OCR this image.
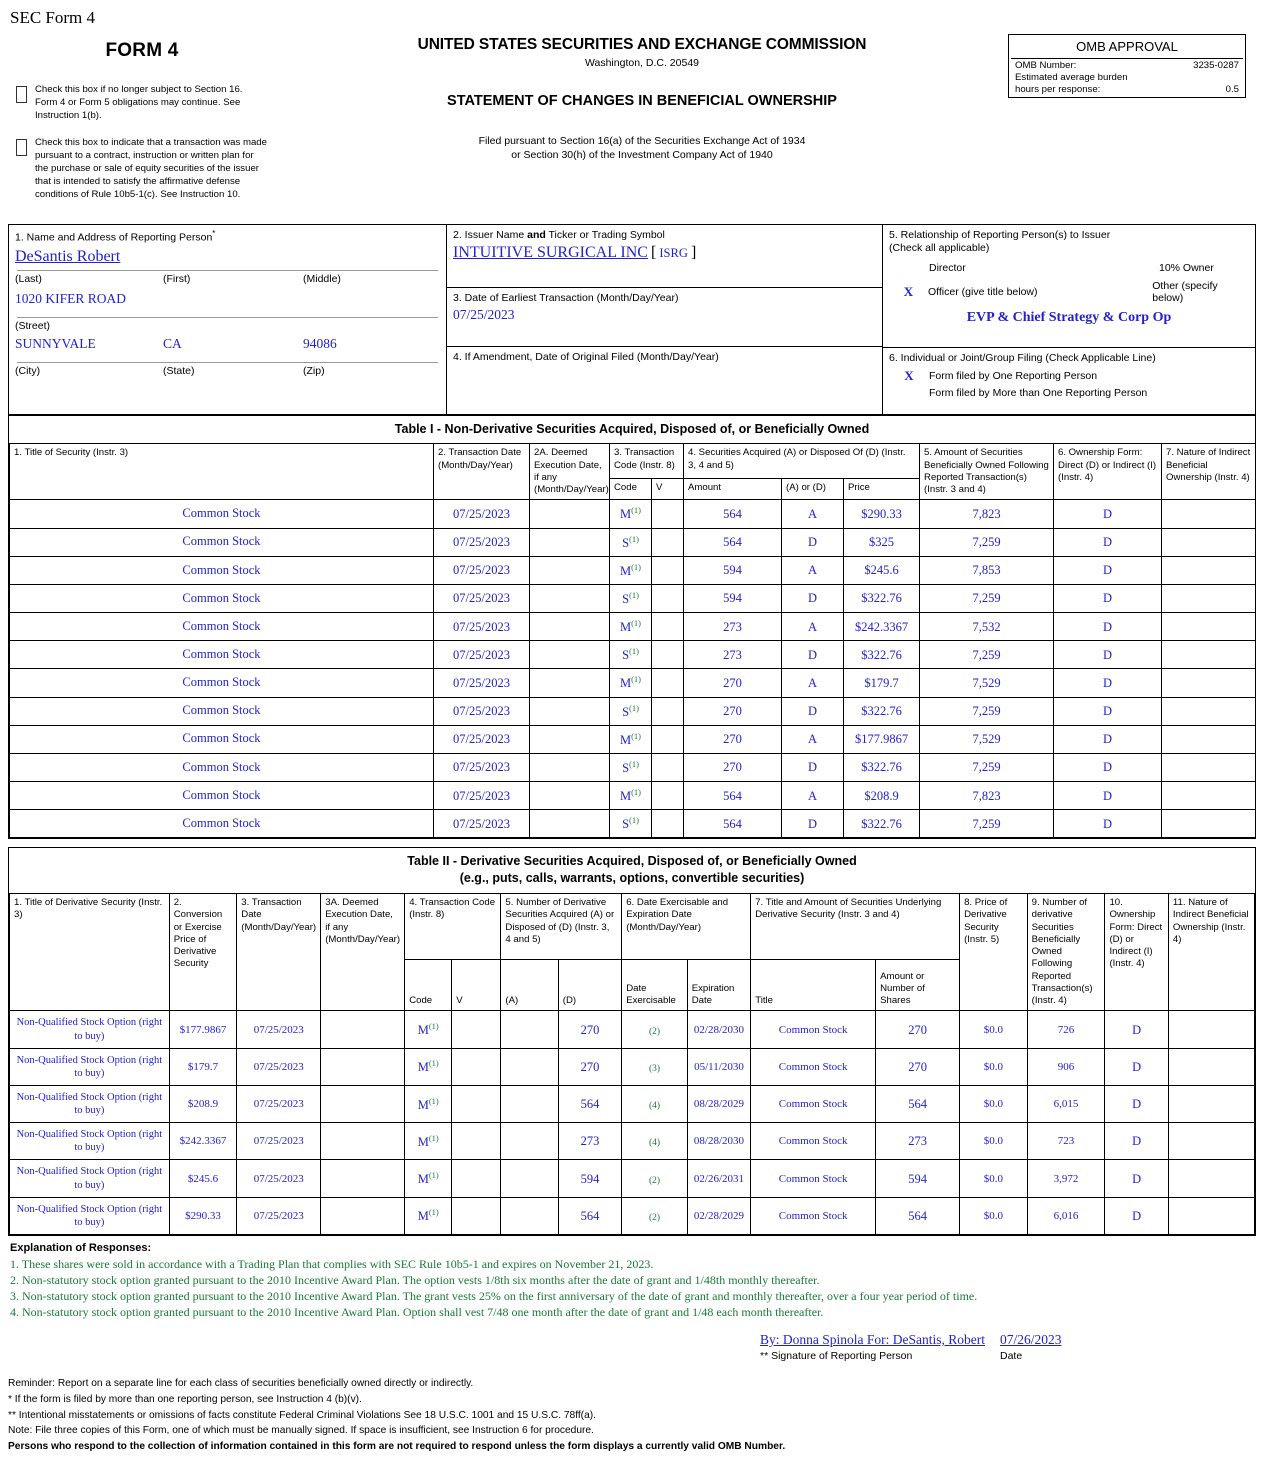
SEC Form 4
FORM 4
Check this box if no longer subject to Section 16. Form 4 or Form 5 obligations may continue. See Instruction 1(b).
Check this box to indicate that a transaction was made pursuant to a contract, instruction or written plan for the purchase or sale of equity securities of the issuer that is intended to satisfy the affirmative defense conditions of Rule 10b5-1(c). See Instruction 10.
UNITED STATES SECURITIES AND EXCHANGE COMMISSION
Washington, D.C. 20549
STATEMENT OF CHANGES IN BENEFICIAL OWNERSHIP
Filed pursuant to Section 16(a) of the Securities Exchange Act of 1934
or Section 30(h) of the Investment Company Act of 1940
OMB APPROVAL
OMB Number:	3235-0287
Estimated average burden
hours per response:	0.5
1. Name and Address of Reporting Person*
DeSantis Robert
(Last)	(First)	(Middle)
1020 KIFER ROAD
(Street)
SUNNYVALE	CA	94086
(City)	(State)	(Zip)
2. Issuer Name and Ticker or Trading Symbol
INTUITIVE SURGICAL INC [ ISRG ]
3. Date of Earliest Transaction (Month/Day/Year)
07/25/2023
4. If Amendment, Date of Original Filed (Month/Day/Year)
5. Relationship of Reporting Person(s) to Issuer
(Check all applicable)
Director	10% Owner
X	Officer (give title below)	Other (specify below)
EVP & Chief Strategy & Corp Op
6. Individual or Joint/Group Filing (Check Applicable Line)
X	Form filed by One Reporting Person
Form filed by More than One Reporting Person
Table I - Non-Derivative Securities Acquired, Disposed of, or Beneficially Owned
1. Title of Security (Instr. 3)	2. Transaction Date (Month/Day/Year)	2A. Deemed Execution Date, if any (Month/Day/Year)	3. Transaction Code (Instr. 8)		4. Securities Acquired (A) or Disposed Of (D) (Instr. 3, 4 and 5)			5. Amount of Securities Beneficially Owned Following Reported Transaction(s) (Instr. 3 and 4)	6. Ownership Form: Direct (D) or Indirect (I) (Instr. 4)	7. Nature of Indirect Beneficial Ownership (Instr. 4)
			Code	V	Amount	(A) or (D)	Price			
Common Stock	07/25/2023		M$^{(1)}$		564	A	$290.33	7,823	D	
Common Stock	07/25/2023		S$^{(1)}$		564	D	$325	7,259	D	
Common Stock	07/25/2023		M$^{(1)}$		594	A	$245.6	7,853	D	
Common Stock	07/25/2023		S$^{(1)}$		594	D	$322.76	7,259	D	
Common Stock	07/25/2023		M$^{(1)}$		273	A	$242.3367	7,532	D	
Common Stock	07/25/2023		S$^{(1)}$		273	D	$322.76	7,259	D	
Common Stock	07/25/2023		M$^{(1)}$		270	A	$179.7	7,529	D	
Common Stock	07/25/2023		S$^{(1)}$		270	D	$322.76	7,259	D	
Common Stock	07/25/2023		M$^{(1)}$		270	A	$177.9867	7,529	D	
Common Stock	07/25/2023		S$^{(1)}$		270	D	$322.76	7,259	D	
Common Stock	07/25/2023		M$^{(1)}$		564	A	$208.9	7,823	D	
Common Stock	07/25/2023		S$^{(1)}$		564	D	$322.76	7,259	D	
Table II - Derivative Securities Acquired, Disposed of, or Beneficially Owned
(e.g., puts, calls, warrants, options, convertible securities)
1. Title of Derivative Security (Instr. 3)	2. Conversion or Exercise Price of Derivative Security	3. Transaction Date (Month/Day/Year)	3A. Deemed Execution Date, if any (Month/Day/Year)	4. Transaction Code (Instr. 8)		5. Number of Derivative Securities Acquired (A) or Disposed of (D) (Instr. 3, 4 and 5)		6. Date Exercisable and Expiration Date (Month/Day/Year)		7. Title and Amount of Securities Underlying Derivative Security (Instr. 3 and 4)		8. Price of Derivative Security (Instr. 5)	9. Number of derivative Securities Beneficially Owned Following Reported Transaction(s) (Instr. 4)	10. Ownership Form: Direct (D) or Indirect (I) (Instr. 4)	11. Nature of Indirect Beneficial Ownership (Instr. 4)
				Code	V	(A)	(D)	Date Exercisable	Expiration Date	Title	Amount or Number of Shares				
Non-Qualified Stock Option (right to buy)	$177.9867	07/25/2023		M$^{(1)}$			270	(2)	02/28/2030	Common Stock	270	$0.0	726	D	
Non-Qualified Stock Option (right to buy)	$179.7	07/25/2023		M$^{(1)}$			270	(3)	05/11/2030	Common Stock	270	$0.0	906	D	
Non-Qualified Stock Option (right to buy)	$208.9	07/25/2023		M$^{(1)}$			564	(4)	08/28/2029	Common Stock	564	$0.0	6,015	D	
Non-Qualified Stock Option (right to buy)	$242.3367	07/25/2023		M$^{(1)}$			273	(4)	08/28/2030	Common Stock	273	$0.0	723	D	
Non-Qualified Stock Option (right to buy)	$245.6	07/25/2023		M$^{(1)}$			594	(2)	02/26/2031	Common Stock	594	$0.0	3,972	D	
Non-Qualified Stock Option (right to buy)	$290.33	07/25/2023		M$^{(1)}$			564	(2)	02/28/2029	Common Stock	564	$0.0	6,016	D	
Explanation of Responses:
1. These shares were sold in accordance with a Trading Plan that complies with SEC Rule 10b5-1 and expires on November 21, 2023.
2. Non-statutory stock option granted pursuant to the 2010 Incentive Award Plan. The option vests 1/8th six months after the date of grant and 1/48th monthly thereafter.
3. Non-statutory stock option granted pursuant to the 2010 Incentive Award Plan. The grant vests 25% on the first anniversary of the date of grant and monthly thereafter, over a four year period of time.
4. Non-statutory stock option granted pursuant to the 2010 Incentive Award Plan. Option shall vest 7/48 one month after the date of grant and 1/48 each month thereafter.
By: Donna Spinola For: DeSantis, Robert	07/26/2023
** Signature of Reporting Person	Date
Reminder: Report on a separate line for each class of securities beneficially owned directly or indirectly.
* If the form is filed by more than one reporting person, see Instruction 4 (b)(v).
** Intentional misstatements or omissions of facts constitute Federal Criminal Violations See 18 U.S.C. 1001 and 15 U.S.C. 78ff(a).
Note: File three copies of this Form, one of which must be manually signed. If space is insufficient, see Instruction 6 for procedure.
Persons who respond to the collection of information contained in this form are not required to respond unless the form displays a currently valid OMB Number.
